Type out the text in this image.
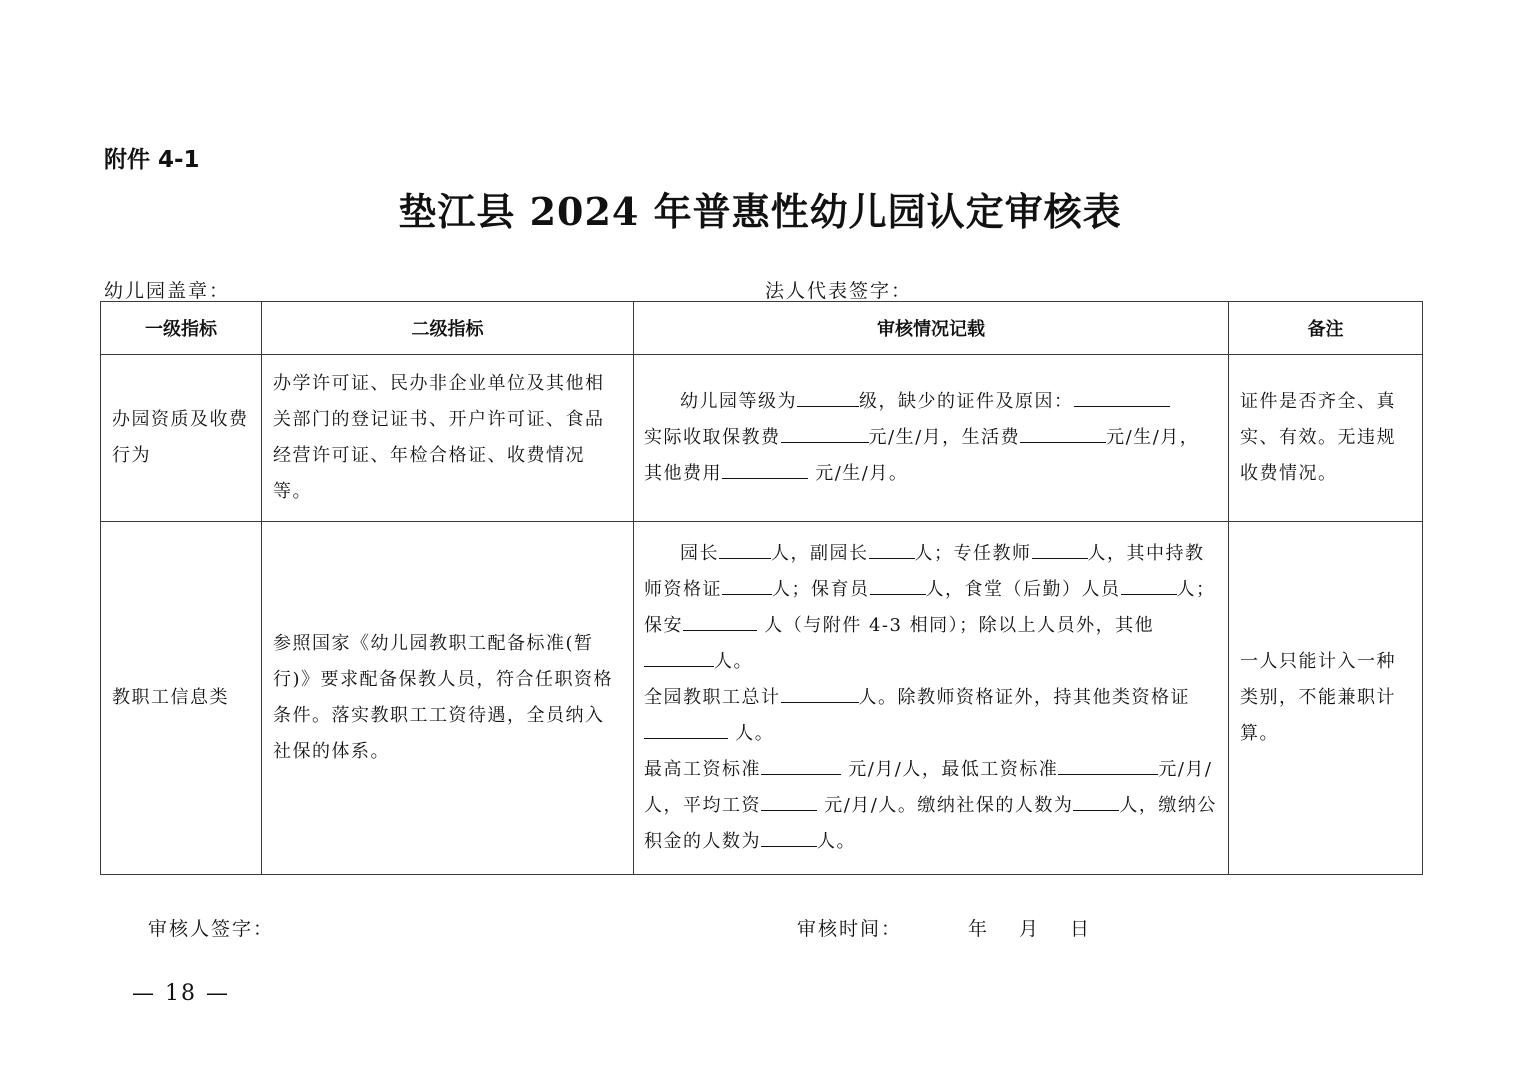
附件 4-1
垫江县 2024 年普惠性幼儿园认定审核表
幼儿园盖章：	法人代表签字：
一级指标	二级指标	审核情况记载	备注

办园资质及收费行为	办学许可证、民办非企业单位及其他相关部门的登记证书、开户许可证、食品经营许可证、年检合格证、收费情况等。	幼儿园等级为 级，缺少的证件及原因：
实际收取保教费 元/生/月，生活费 元/生/月，
其他费用 元/生/月。	证件是否齐全、真实、有效。无违规收费情况。

教职工信息类	参照国家《幼儿园教职工配备标准(暂行)》要求配备保教人员，符合任职资格条件。落实教职工工资待遇，全员纳入社保的体系。	园长 人，副园长 人；专任教师 人，其中持教师资格证 人；保育员 人，食堂（后勤）人员 人；保安 人（与附件 4-3 相同）；除以上人员外，其他人。
全园教职工总计 人。除教师资格证外，持其他类资格证 人。
最高工资标准 元/月/人，最低工资标准 元/月/人，平均工资 元/月/人。缴纳社保的人数为 人，缴纳公积金的人数为 人。	一人只能计入一种类别，不能兼职计算。
审核人签字：	审核时间：	年 月 日
— 18 —
